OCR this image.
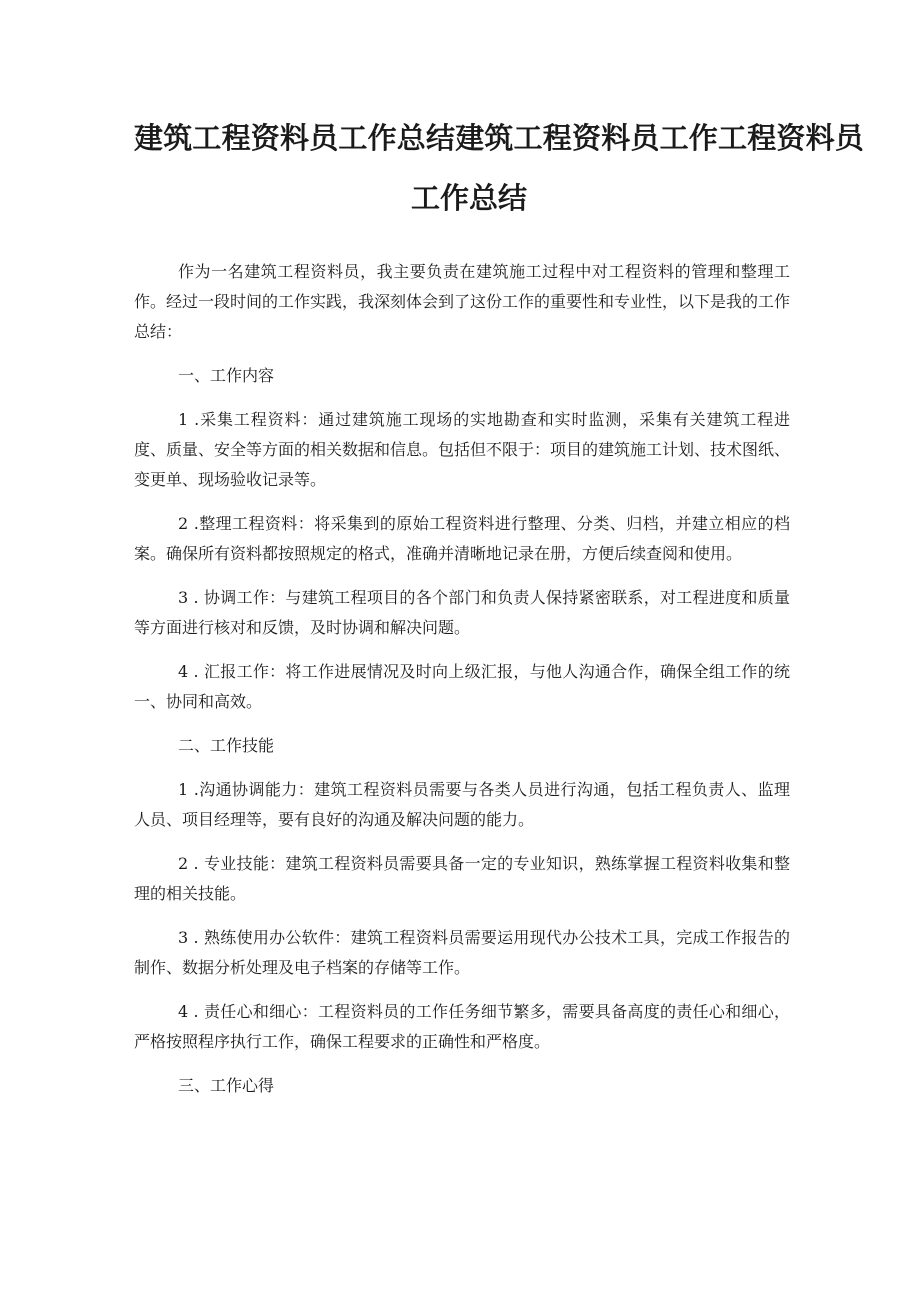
建筑工程资料员工作总结建筑工程资料员工作工程资料员
工作总结

作为一名建筑工程资料员，我主要负责在建筑施工过程中对工程资料的管理和整理工作。经过一段时间的工作实践，我深刻体会到了这份工作的重要性和专业性，以下是我的工作总结：

一、工作内容

1 .采集工程资料：通过建筑施工现场的实地勘查和实时监测，采集有关建筑工程进度、质量、安全等方面的相关数据和信息。包括但不限于：项目的建筑施工计划、技术图纸、变更单、现场验收记录等。

2 .整理工程资料：将采集到的原始工程资料进行整理、分类、归档，并建立相应的档案。确保所有资料都按照规定的格式，准确并清晰地记录在册，方便后续查阅和使用。

3 . 协调工作：与建筑工程项目的各个部门和负责人保持紧密联系，对工程进度和质量等方面进行核对和反馈，及时协调和解决问题。

4 . 汇报工作：将工作进展情况及时向上级汇报，与他人沟通合作，确保全组工作的统一、协同和高效。

二、工作技能

1 .沟通协调能力：建筑工程资料员需要与各类人员进行沟通，包括工程负责人、监理人员、项目经理等，要有良好的沟通及解决问题的能力。

2 . 专业技能：建筑工程资料员需要具备一定的专业知识，熟练掌握工程资料收集和整理的相关技能。

3 . 熟练使用办公软件：建筑工程资料员需要运用现代办公技术工具，完成工作报告的制作、数据分析处理及电子档案的存储等工作。

4 . 责任心和细心：工程资料员的工作任务细节繁多，需要具备高度的责任心和细心，严格按照程序执行工作，确保工程要求的正确性和严格度。

三、工作心得
